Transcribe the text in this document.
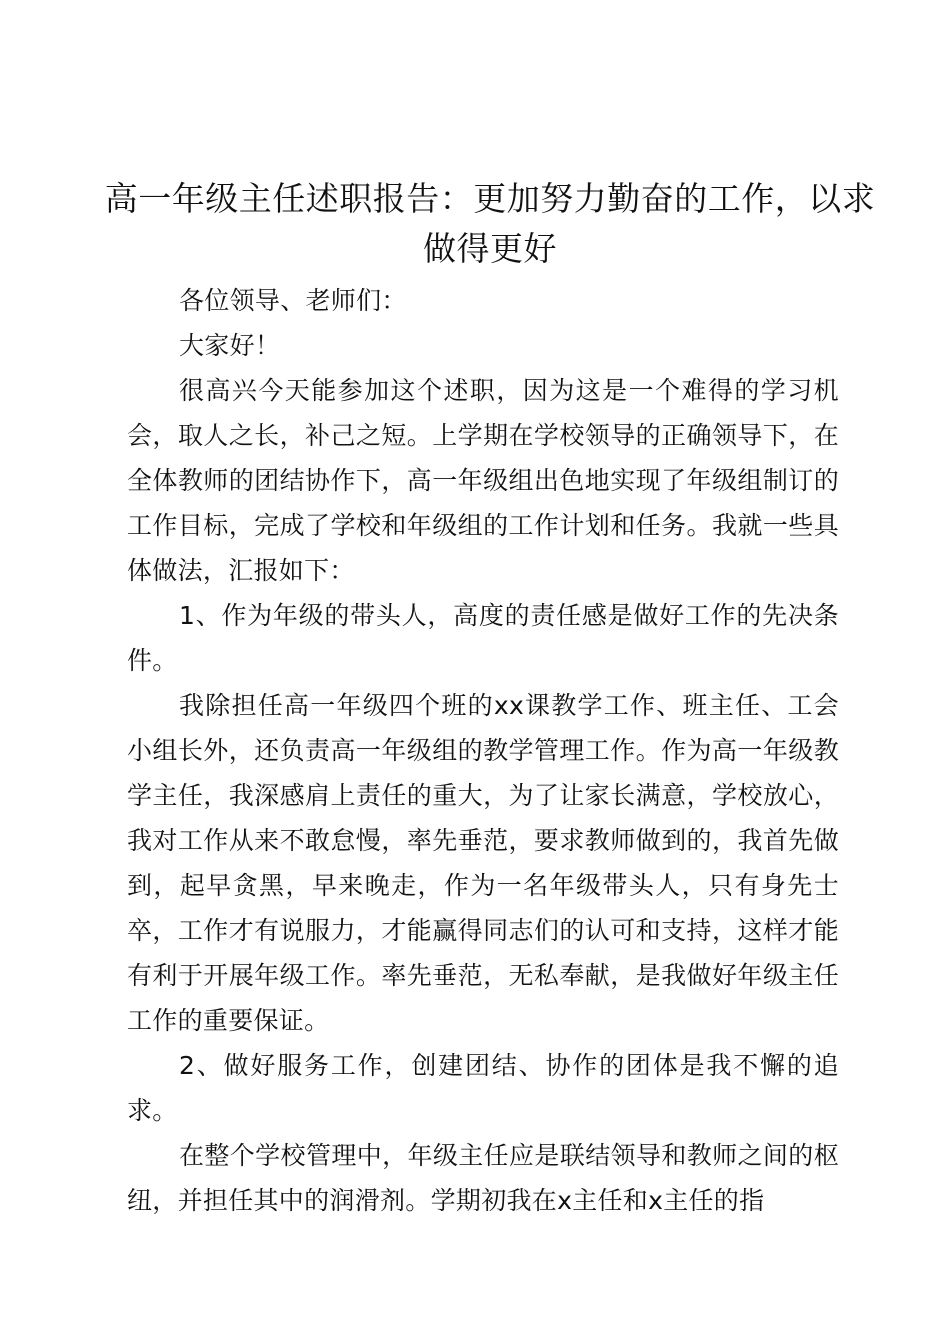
高一年级主任述职报告：更加努力勤奋的工作，以求做得更好

各位领导、老师们：

大家好！

很高兴今天能参加这个述职，因为这是一个难得的学习机会，取人之长，补己之短。上学期在学校领导的正确领导下，在全体教师的团结协作下，高一年级组出色地实现了年级组制订的工作目标，完成了学校和年级组的工作计划和任务。我就一些具体做法，汇报如下：

1、作为年级的带头人，高度的责任感是做好工作的先决条件。

我除担任高一年级四个班的xx课教学工作、班主任、工会小组长外，还负责高一年级组的教学管理工作。作为高一年级教学主任，我深感肩上责任的重大，为了让家长满意，学校放心，我对工作从来不敢怠慢，率先垂范，要求教师做到的，我首先做到，起早贪黑，早来晚走，作为一名年级带头人，只有身先士卒，工作才有说服力，才能赢得同志们的认可和支持，这样才能有利于开展年级工作。率先垂范，无私奉献，是我做好年级主任工作的重要保证。

2、做好服务工作，创建团结、协作的团体是我不懈的追求。

在整个学校管理中，年级主任应是联结领导和教师之间的枢纽，并担任其中的润滑剂。学期初我在x主任和x主任的指
